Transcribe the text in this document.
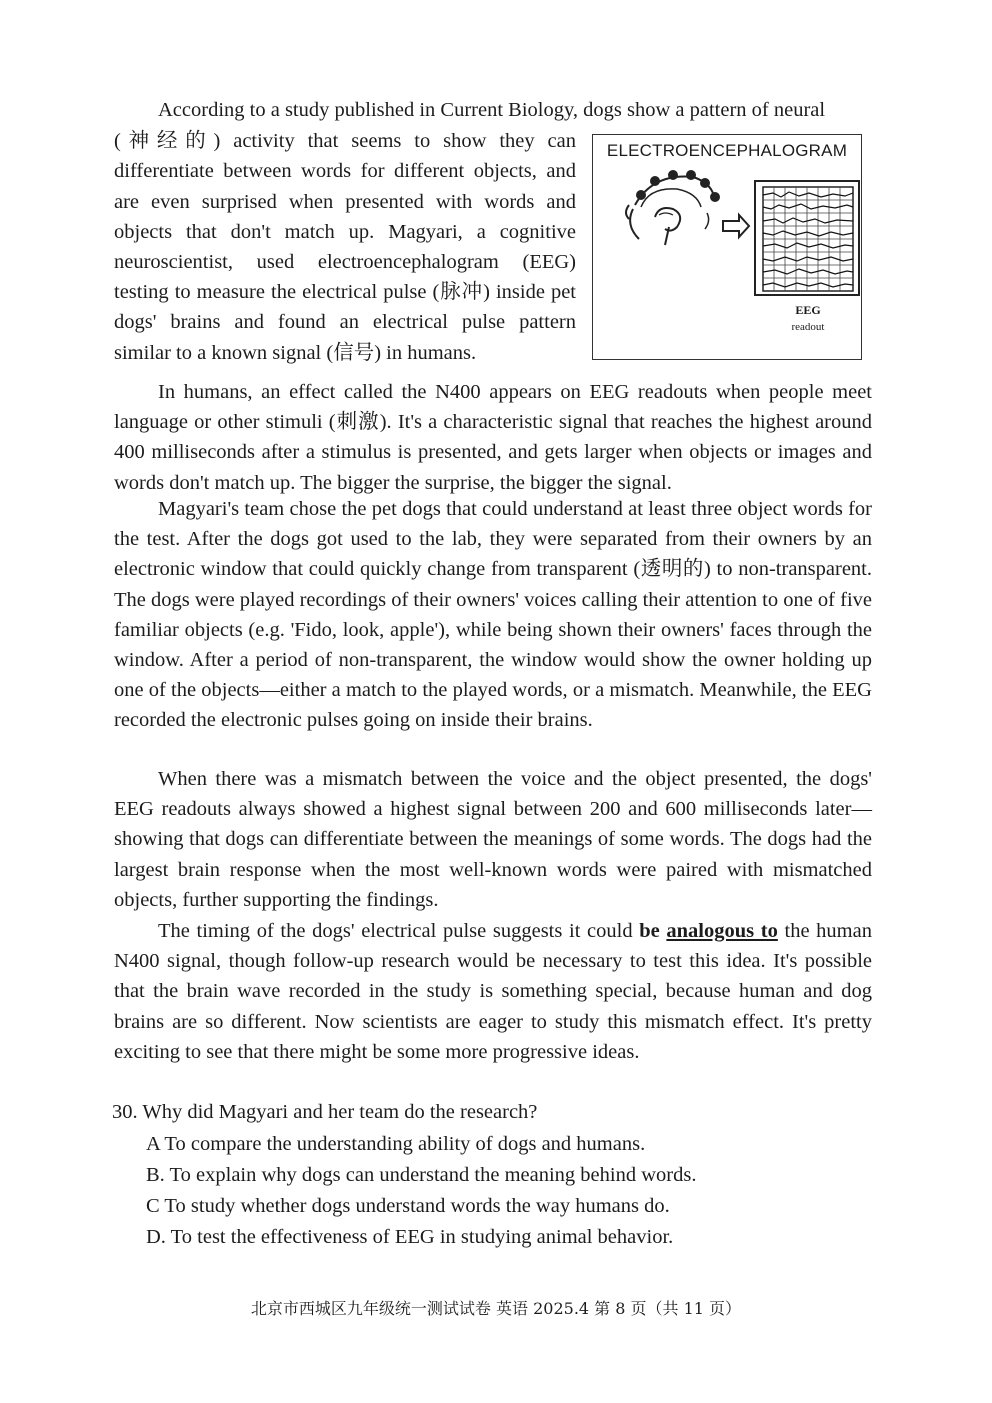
According to a study published in Current Biology, dogs show a pattern of neural
(神经的) activity that seems to show they can differentiate between words for different objects, and are even surprised when presented with words and objects that don't match up. Magyari, a cognitive neuroscientist, used electroencephalogram (EEG) testing to measure the electrical pulse (脉冲) inside pet dogs' brains and found an electrical pulse pattern similar to a known signal (信号) in humans.

ELECTROENCEPHALOGRAM
EEG
readout

In humans, an effect called the N400 appears on EEG readouts when people meet language or other stimuli (刺激). It's a characteristic signal that reaches the highest around 400 milliseconds after a stimulus is presented, and gets larger when objects or images and words don't match up. The bigger the surprise, the bigger the signal.

Magyari's team chose the pet dogs that could understand at least three object words for the test. After the dogs got used to the lab, they were separated from their owners by an electronic window that could quickly change from transparent (透明的) to non-transparent. The dogs were played recordings of their owners' voices calling their attention to one of five familiar objects (e.g. 'Fido, look, apple'), while being shown their owners' faces through the window. After a period of non-transparent, the window would show the owner holding up one of the objects—either a match to the played words, or a mismatch. Meanwhile, the EEG recorded the electronic pulses going on inside their brains.

When there was a mismatch between the voice and the object presented, the dogs' EEG readouts always showed a highest signal between 200 and 600 milliseconds later—showing that dogs can differentiate between the meanings of some words. The dogs had the largest brain response when the most well-known words were paired with mismatched objects, further supporting the findings.

The timing of the dogs' electrical pulse suggests it could be analogous to the human N400 signal, though follow-up research would be necessary to test this idea. It's possible that the brain wave recorded in the study is something special, because human and dog brains are so different. Now scientists are eager to study this mismatch effect. It's pretty exciting to see that there might be some more progressive ideas.

30. Why did Magyari and her team do the research?
A To compare the understanding ability of dogs and humans.
B. To explain why dogs can understand the meaning behind words.
C To study whether dogs understand words the way humans do.
D. To test the effectiveness of EEG in studying animal behavior.
北京市西城区九年级统一测试试卷 英语 2025.4 第 8 页（共 11 页）
